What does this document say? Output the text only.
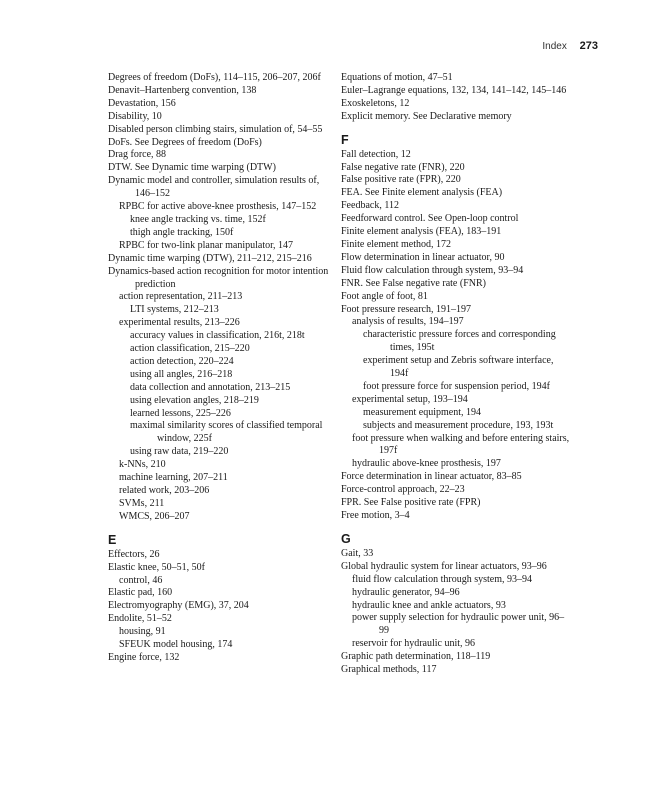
Index 273
Degrees of freedom (DoFs), 114–115, 206–207, 206f
Denavit–Hartenberg convention, 138
Devastation, 156
Disability, 10
Disabled person climbing stairs, simulation of, 54–55
DoFs. See Degrees of freedom (DoFs)
Drag force, 88
DTW. See Dynamic time warping (DTW)
Dynamic model and controller, simulation results of, 146–152
RPBC for active above-knee prosthesis, 147–152
knee angle tracking vs. time, 152f
thigh angle tracking, 150f
RPBC for two-link planar manipulator, 147
Dynamic time warping (DTW), 211–212, 215–216
Dynamics-based action recognition for motor intention prediction
action representation, 211–213
LTI systems, 212–213
experimental results, 213–226
accuracy values in classification, 216t, 218t
action classification, 215–220
action detection, 220–224
using all angles, 216–218
data collection and annotation, 213–215
using elevation angles, 218–219
learned lessons, 225–226
maximal similarity scores of classified temporal window, 225f
using raw data, 219–220
k-NNs, 210
machine learning, 207–211
related work, 203–206
SVMs, 211
WMCS, 206–207
E
Effectors, 26
Elastic knee, 50–51, 50f
control, 46
Elastic pad, 160
Electromyography (EMG), 37, 204
Endolite, 51–52
housing, 91
SFEUK model housing, 174
Engine force, 132
Equations of motion, 47–51
Euler–Lagrange equations, 132, 134, 141–142, 145–146
Exoskeletons, 12
Explicit memory. See Declarative memory
F
Fall detection, 12
False negative rate (FNR), 220
False positive rate (FPR), 220
FEA. See Finite element analysis (FEA)
Feedback, 112
Feedforward control. See Open-loop control
Finite element analysis (FEA), 183–191
Finite element method, 172
Flow determination in linear actuator, 90
Fluid flow calculation through system, 93–94
FNR. See False negative rate (FNR)
Foot angle of foot, 81
Foot pressure research, 191–197
analysis of results, 194–197
characteristic pressure forces and corresponding times, 195t
experiment setup and Zebris software interface, 194f
foot pressure force for suspension period, 194f
experimental setup, 193–194
measurement equipment, 194
subjects and measurement procedure, 193, 193t
foot pressure when walking and before entering stairs, 197f
hydraulic above-knee prosthesis, 197
Force determination in linear actuator, 83–85
Force-control approach, 22–23
FPR. See False positive rate (FPR)
Free motion, 3–4
G
Gait, 33
Global hydraulic system for linear actuators, 93–96
fluid flow calculation through system, 93–94
hydraulic generator, 94–96
hydraulic knee and ankle actuators, 93
power supply selection for hydraulic power unit, 96–99
reservoir for hydraulic unit, 96
Graphic path determination, 118–119
Graphical methods, 117
